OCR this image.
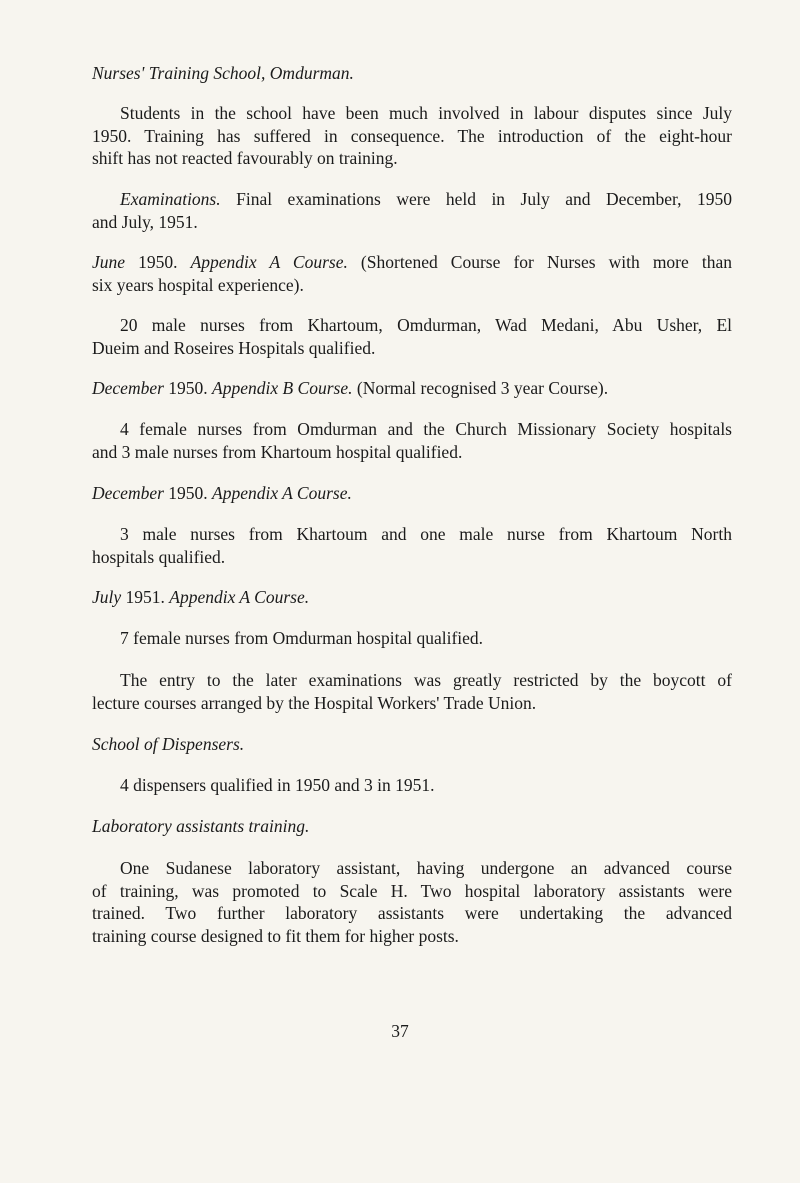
Nurses' Training School, Omdurman.
Students in the school have been much involved in labour disputes since July
1950. Training has suffered in consequence. The introduction of the eight-hour
shift has not reacted favourably on training.
Examinations. Final examinations were held in July and December, 1950
and July, 1951.
June 1950. Appendix A Course. (Shortened Course for Nurses with more than
six years hospital experience).
20 male nurses from Khartoum, Omdurman, Wad Medani, Abu Usher, El
Dueim and Roseires Hospitals qualified.
December 1950. Appendix B Course. (Normal recognised 3 year Course).
4 female nurses from Omdurman and the Church Missionary Society hospitals
and 3 male nurses from Khartoum hospital qualified.
December 1950. Appendix A Course.
3 male nurses from Khartoum and one male nurse from Khartoum North
hospitals qualified.
July 1951. Appendix A Course.
7 female nurses from Omdurman hospital qualified.
The entry to the later examinations was greatly restricted by the boycott of
lecture courses arranged by the Hospital Workers' Trade Union.
School of Dispensers.
4 dispensers qualified in 1950 and 3 in 1951.
Laboratory assistants training.
One Sudanese laboratory assistant, having undergone an advanced course
of training, was promoted to Scale H. Two hospital laboratory assistants were
trained. Two further laboratory assistants were undertaking the advanced
training course designed to fit them for higher posts.
37
